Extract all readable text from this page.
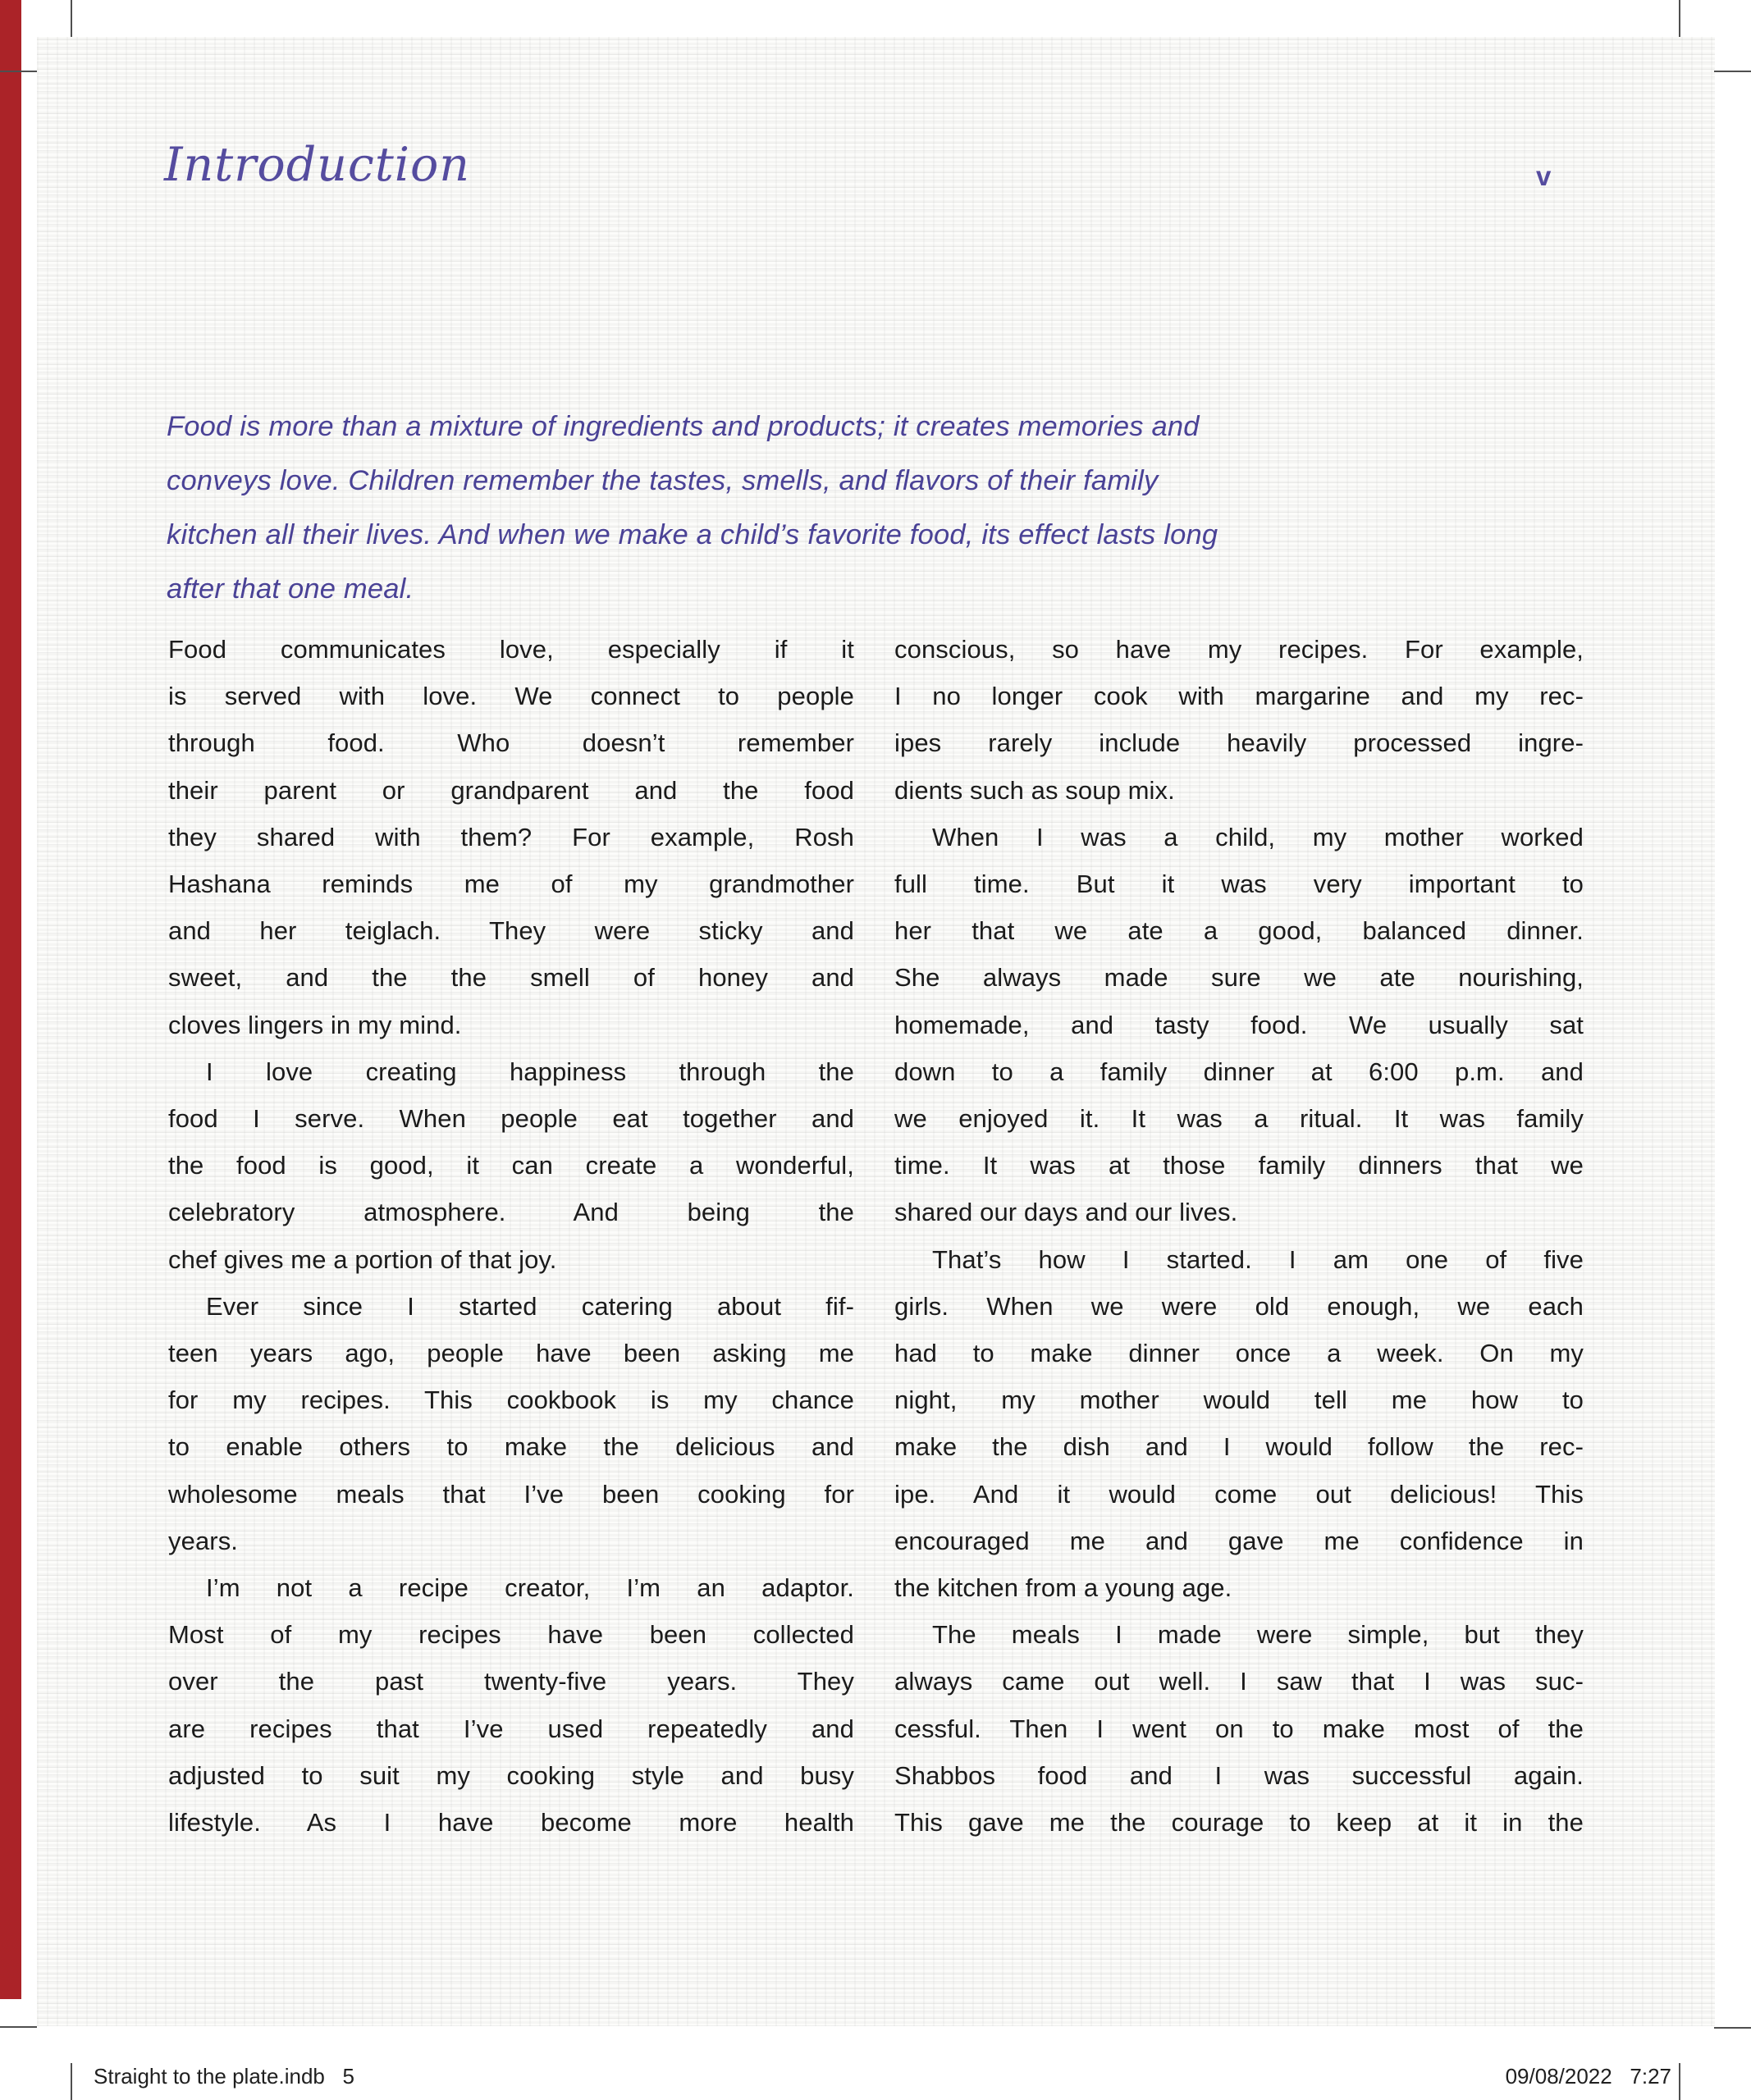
v
Introduction
Food is more than a mixture of ingredients and products; it creates memories and
conveys love. Children remember the tastes, smells, and flavors of their family
kitchen all their lives. And when we make a child’s favorite food, its effect lasts long
after that one meal.
Food communicates love, especially if it
is served with love. We connect to people
through food. Who doesn’t remember
their parent or grandparent and the food
they shared with them? For example, Rosh
Hashana reminds me of my grandmother
and her teiglach. They were sticky and
sweet, and the the smell of honey and
cloves lingers in my mind.
I love creating happiness through the
food I serve. When people eat together and
the food is good, it can create a wonderful,
celebratory atmosphere. And being the
chef gives me a portion of that joy.
Ever since I started catering about fif-
teen years ago, people have been asking me
for my recipes. This cookbook is my chance
to enable others to make the delicious and
wholesome meals that I’ve been cooking for
years.
I’m not a recipe creator, I’m an adaptor.
Most of my recipes have been collected
over the past twenty-five years. They
are recipes that I’ve used repeatedly and
adjusted to suit my cooking style and busy
lifestyle. As I have become more health
conscious, so have my recipes. For example,
I no longer cook with margarine and my rec-
ipes rarely include heavily processed ingre-
dients such as soup mix.
When I was a child, my mother worked
full time. But it was very important to
her that we ate a good, balanced dinner.
She always made sure we ate nourishing,
homemade, and tasty food. We usually sat
down to a family dinner at 6:00 p.m. and
we enjoyed it. It was a ritual. It was family
time. It was at those family dinners that we
shared our days and our lives.
That’s how I started. I am one of five
girls. When we were old enough, we each
had to make dinner once a week. On my
night, my mother would tell me how to
make the dish and I would follow the rec-
ipe. And it would come out delicious! This
encouraged me and gave me confidence in
the kitchen from a young age.
The meals I made were simple, but they
always came out well. I saw that I was suc-
cessful. Then I went on to make most of the
Shabbos food and I was successful again.
This gave me the courage to keep at it in the
Straight to the plate.indb   5	09/08/2022   7:27
